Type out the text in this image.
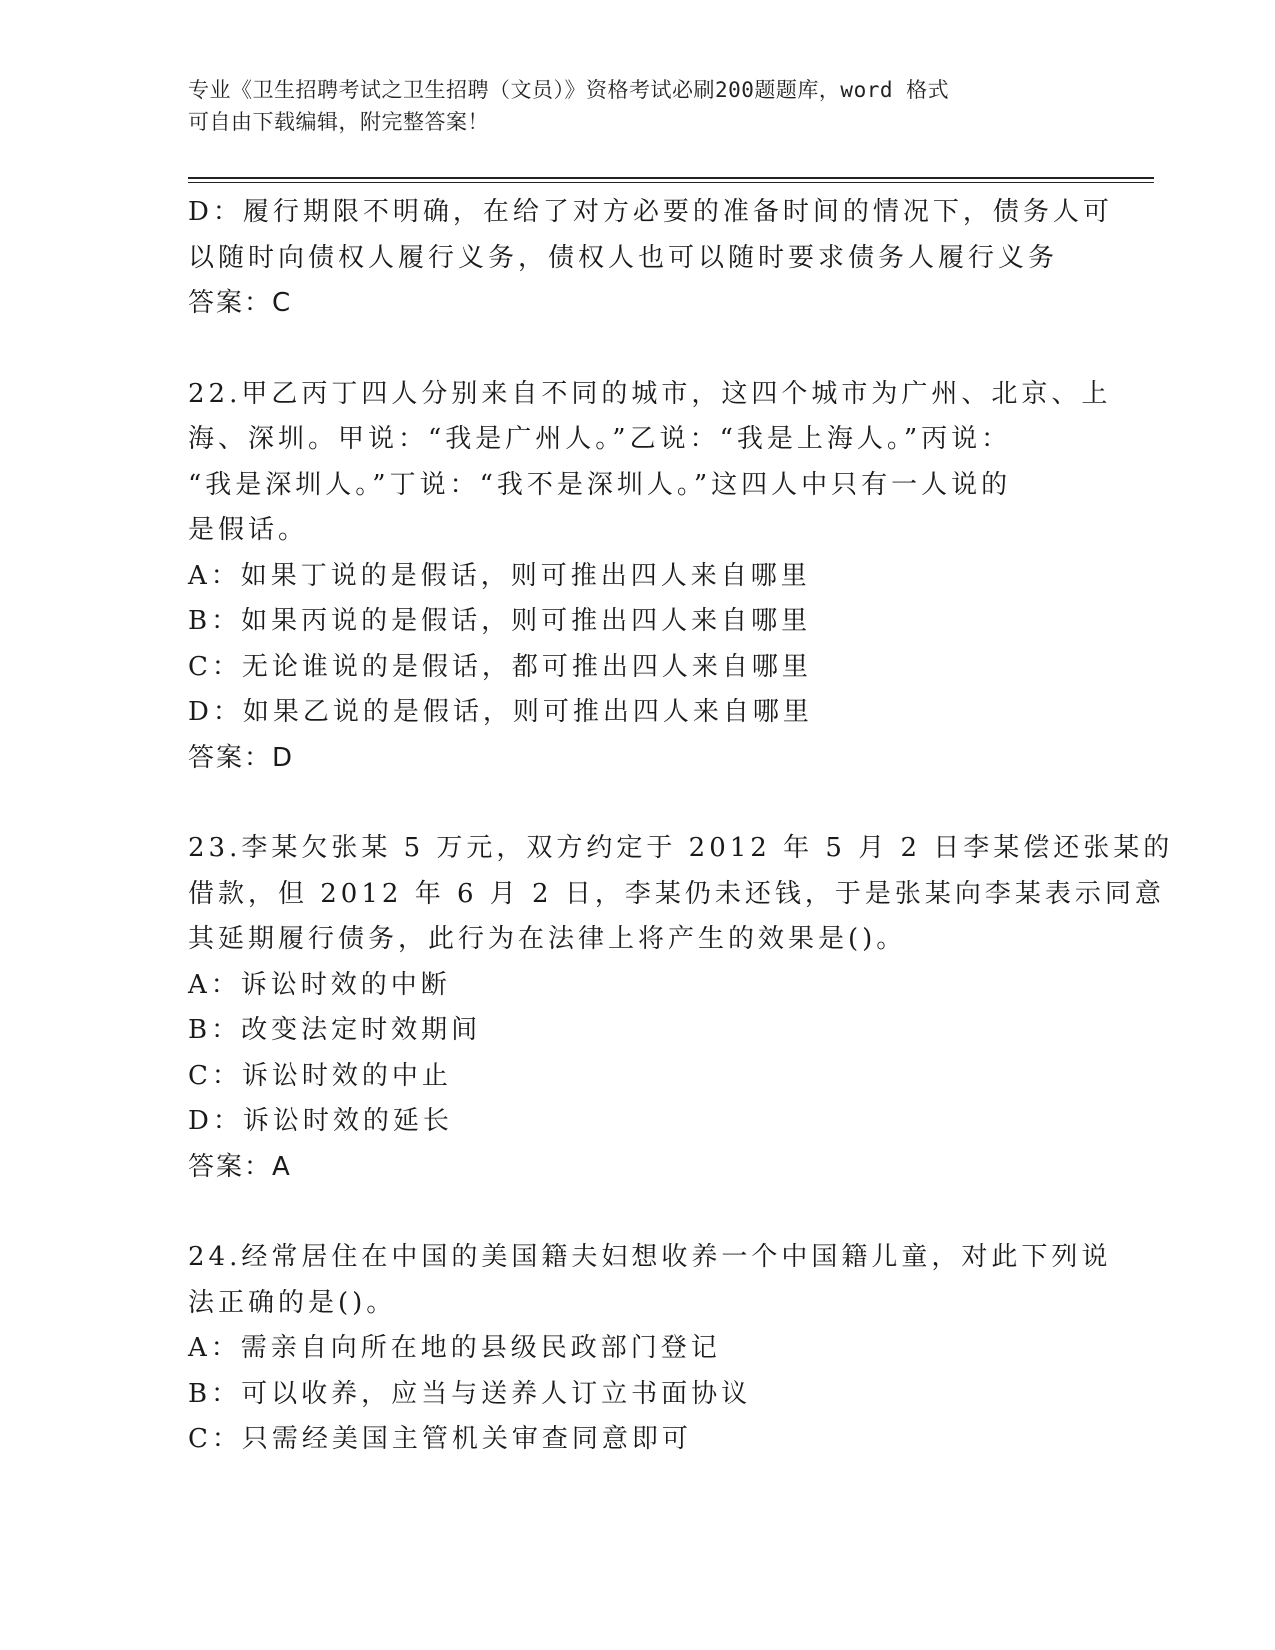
专业《卫生招聘考试之卫生招聘（文员）》资格考试必刷200题题库，word 格式
可自由下载编辑，附完整答案！
D：履行期限不明确，在给了对方必要的准备时间的情况下，债务人可
以随时向债权人履行义务，债权人也可以随时要求债务人履行义务
答案：C
22.甲乙丙丁四人分别来自不同的城市，这四个城市为广州、北京、上
海、深圳。甲说：“我是广州人。”乙说：“我是上海人。”丙说：
“我是深圳人。”丁说：“我不是深圳人。”这四人中只有一人说的
是假话。
A：如果丁说的是假话，则可推出四人来自哪里
B：如果丙说的是假话，则可推出四人来自哪里
C：无论谁说的是假话，都可推出四人来自哪里
D：如果乙说的是假话，则可推出四人来自哪里
答案：D
23.李某欠张某 5 万元，双方约定于 2012 年 5 月 2 日李某偿还张某的
借款，但 2012 年 6 月 2 日，李某仍未还钱，于是张某向李某表示同意
其延期履行债务，此行为在法律上将产生的效果是()。
A：诉讼时效的中断
B：改变法定时效期间
C：诉讼时效的中止
D：诉讼时效的延长
答案：A
24.经常居住在中国的美国籍夫妇想收养一个中国籍儿童，对此下列说
法正确的是()。
A：需亲自向所在地的县级民政部门登记
B：可以收养，应当与送养人订立书面协议
C：只需经美国主管机关审查同意即可
